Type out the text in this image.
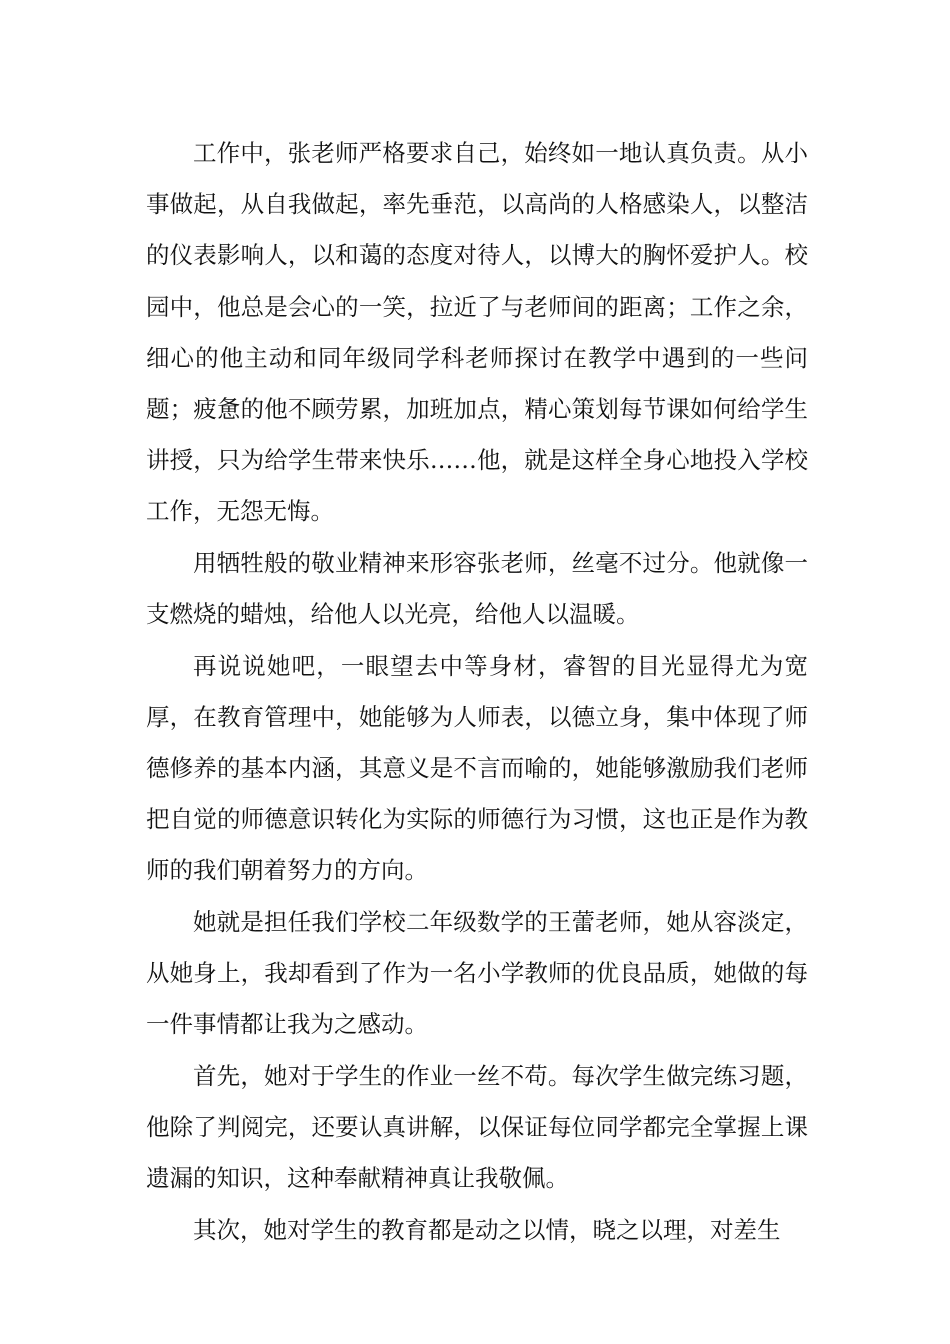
工作中，张老师严格要求自己，始终如一地认真负责。从小事做起，从自我做起，率先垂范，以高尚的人格感染人，以整洁的仪表影响人，以和蔼的态度对待人，以博大的胸怀爱护人。校园中，他总是会心的一笑，拉近了与老师间的距离；工作之余，细心的他主动和同年级同学科老师探讨在教学中遇到的一些问题；疲惫的他不顾劳累，加班加点，精心策划每节课如何给学生讲授，只为给学生带来快乐……他，就是这样全身心地投入学校工作，无怨无悔。

用牺牲般的敬业精神来形容张老师，丝毫不过分。他就像一支燃烧的蜡烛，给他人以光亮，给他人以温暖。

再说说她吧，一眼望去中等身材，睿智的目光显得尤为宽厚，在教育管理中，她能够为人师表，以德立身，集中体现了师德修养的基本内涵，其意义是不言而喻的，她能够激励我们老师把自觉的师德意识转化为实际的师德行为习惯，这也正是作为教师的我们朝着努力的方向。

她就是担任我们学校二年级数学的王蕾老师，她从容淡定，从她身上，我却看到了作为一名小学教师的优良品质，她做的每一件事情都让我为之感动。

首先，她对于学生的作业一丝不苟。每次学生做完练习题，他除了判阅完，还要认真讲解，以保证每位同学都完全掌握上课遗漏的知识，这种奉献精神真让我敬佩。

其次，她对学生的教育都是动之以情，晓之以理，对差生
